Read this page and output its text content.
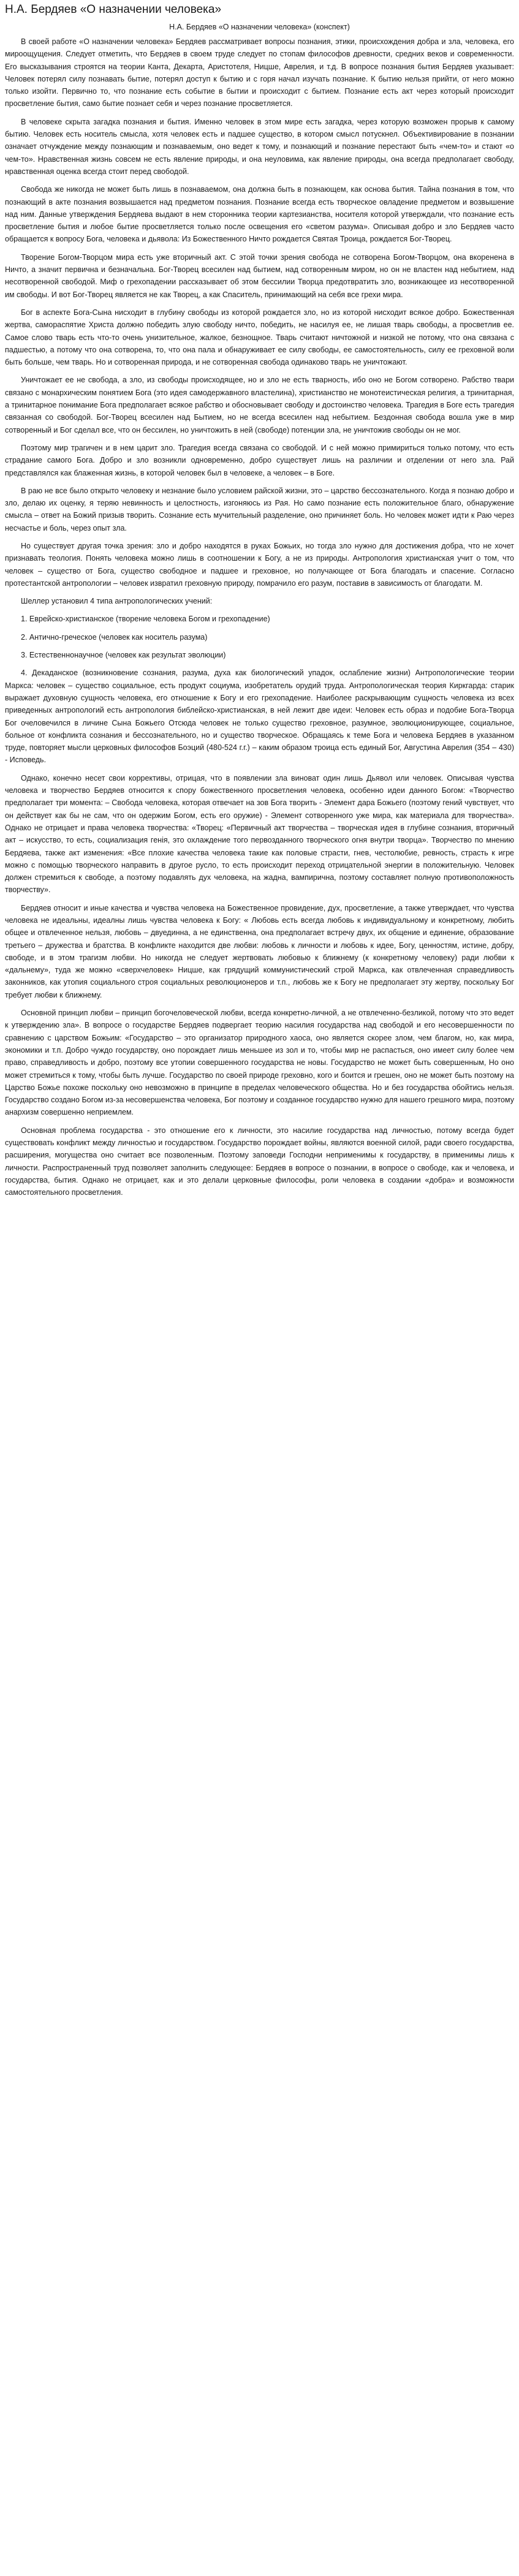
Н.А. Бердяев «О назначении человека»

Н.А. Бердяев «О назначении человека» (конспект)

В своей работе «О назначении человека» Бердяев рассматривает вопросы познания, этики, происхождения добра и зла, человека, его мироощущения. Следует отметить, что Бердяев в своем труде следует по стопам философов древности, средних веков и современности. Его высказывания строятся на теории Канта, Декарта, Аристотеля, Ницше, Аврелия, и т.д. В вопросе познания бытия Бердяев указывает: Человек потерял силу познавать бытие, потерял доступ к бытию и с горя начал изучать познание. К бытию нельзя прийти, от него можно только изойти. Первично то, что познание есть событие в бытии и происходит с бытием. Познание есть акт через который происходит просветление бытия, само бытие познает себя и через познание просветляется.

В человеке скрыта загадка познания и бытия. Именно человек в этом мире есть загадка, через которую возможен прорыв к самому бытию. Человек есть носитель смысла, хотя человек есть и падшее существо, в котором смысл потускнел. Объективирование в познании означает отчуждение между познающим и познаваемым, оно ведет к тому, и познающий и познание перестают быть «чем-то» и стают «о чем-то». Нравственная жизнь совсем не есть явление природы, и она неуловима, как явление природы, она всегда предполагает свободу, нравственная оценка всегда стоит перед свободой.

Свобода же никогда не может быть лишь в познаваемом, она должна быть в познающем, как основа бытия. Тайна познания в том, что познающий в акте познания возвышается над предметом познания. Познание всегда есть творческое овладение предметом и возвышение над ним. Данные утверждения Бердяева выдают в нем сторонника теории картезианства, носителя которой утверждали, что познание есть просветление бытия и любое бытие просветляется только после освещения его «светом разума». Описывая добро и зло Бердяев часто обращается к вопросу Бога, человека и дьявола: Из Божественного Ничто рождается Святая Троица, рождается Бог-Творец.

Творение Богом-Творцом мира есть уже вторичный акт. С этой точки зрения свобода не сотворена Богом-Творцом, она вкоренена в Ничто, а значит первична и безначальна. Бог-Творец всесилен над бытием, над сотворенным миром, но он не властен над небытием, над несотворенной свободой. Миф о грехопадении рассказывает об этом бессилии Творца предотвратить зло, возникающее из несотворенной им свободы. И вот Бог-Творец является не как Творец, а как Спаситель, принимающий на себя все грехи мира.

Бог в аспекте Бога-Сына нисходит в глубину свободы из которой рождается зло, но из которой нисходит всякое добро. Божественная жертва, самораспятие Христа должно победить злую свободу ничто, победить, не насилуя ее, не лишая тварь свободы, а просветлив ее. Самое слово тварь есть что-то очень унизительное, жалкое, безнощное. Тварь считают ничтожной и низкой не потому, что она связана с падшестью, а потому что она сотворена, то, что она пала и обнаруживает ее силу свободы, ее самостоятельность, силу ее греховной воли быть больше, чем тварь. Но и сотворенная природа, и не сотворенная свобода одинаково тварь не уничтожают.

Уничтожает ее не свобода, а зло, из свободы происходящее, но и зло не есть тварность, ибо оно не Богом сотворено. Рабство твари связано с монархическим понятием Бога (это идея самодержавного властелина), христианство не монотеистическая религия, а тринитарная, а тринитарное понимание Бога предполагает всякое рабство и обосновывает свободу и достоинство человека. Трагедия в Боге есть трагедия связанная со свободой. Бог-Творец всесилен над Бытием, но не всегда всесилен над небытием. Бездонная свобода вошла уже в мир сотворенный и Бог сделал все, что он бессилен, но уничтожить в ней (свободе) потенции зла, не уничтожив свободы он не мог.

Поэтому мир трагичен и в нем царит зло. Трагедия всегда связана со свободой. И с ней можно примириться только потому, что есть страдание самого Бога. Добро и зло возникли одновременно, добро существует лишь на различии и отделении от него зла. Рай представлялся как блаженная жизнь, в которой человек был в человеке, а человек – в Боге.

В раю не все было открыто человеку и незнание было условием райской жизни, это – царство бессознательного. Когда я познаю добро и зло, делаю их оценку, я теряю невинность и целостность, изгоняюсь из Рая. Но само познание есть положительное благо, обнаружение смысла – ответ на Божий призыв творить. Сознание есть мучительный разделение, оно причиняет боль. Но человек может идти к Раю через несчастье и боль, через опыт зла.

Но существует другая точка зрения: зло и добро находятся в руках Божьих, но тогда зло нужно для достижения добра, что не хочет признавать теология. Понять человека можно лишь в соотношении к Богу, а не из природы. Антропология христианская учит о том, что человек – существо от Бога, существо свободное и падшее и греховное, но получающее от Бога благодать и спасение. Согласно протестантской антропологии – человек извратил греховную природу, помрачило его разум, поставив в зависимость от благодати. М.

Шеллер установил 4 типа антропологических учений:

1. Еврейско-христианское (творение человека Богом и грехопадение)

2. Антично-греческое (человек как носитель разума)

3. Естественнонаучное (человек как результат эволюции)

4. Декаданское (возникновение сознания, разума, духа как биологический упадок, ослабление жизни) Антропологические теории Маркса: человек – существо социальное, есть продукт социума, изобретатель орудий труда. Антропологическая теория Киркгарда: старик выражает духовную сущность человека, его отношение к Богу и его грехопадение. Наиболее раскрывающим сущность человека из всех приведенных антропологий есть антропология библейско-христианская, в ней лежит две идеи: Человек есть образ и подобие Бога-Творца Бог очеловечился в личине Сына Божьего Отсюда человек не только существо греховное, разумное, эволюционирующее, социальное, больное от конфликта сознания и бессознательного, но и существо творческое. Обращаясь к теме Бога и человека Бердяев в указанном труде, повторяет мысли церковных философов Боэций (480-524 г.г.) – каким образом троица есть единый Бог, Августина Аврелия (354 – 430) - Исповедь.

Однако, конечно несет свои коррективы, отрицая, что в появлении зла виноват один лишь Дьявол или человек. Описывая чувства человека и творчество Бердяев относится к спору божественного просветления человека, особенно идеи данного Богом: «Творчество предполагает три момента: – Свобода человека, которая отвечает на зов Бога творить - Элемент дара Божьего (поэтому гений чувствует, что он действует как бы не сам, что он одержим Богом, есть его оружие) - Элемент сотворенного уже мира, как материала для творчества». Однако не отрицает и права человека творчества: «Творец: «Первичный акт творчества – творческая идея в глубине сознания, вторичный акт – искусство, то есть, социализация генія, это охлаждение того первозданного творческого огня внутри творца». Творчество по мнению Бердяева, также акт изменения: «Все плохие качества человека такие как половые страсти, гнев, честолюбие, ревность, страсть к игре можно с помощью творческого направить в другое русло, то есть происходит переход отрицательной энергии в положительную. Человек должен стремиться к свободе, а поэтому подавлять дух человека, на жадна, вампирична, поэтому составляет полную противоположность творчеству».

Бердяев относит и иные качества и чувства человека на Божественное провидение, дух, просветление, а также утверждает, что чувства человека не идеальны, идеалны лишь чувства человека к Богу: « Любовь есть всегда любовь к индивидуальному и конкретному, любить общее и отвлеченное нельзя, любовь – двуединна, а не единственна, она предполагает встречу двух, их общение и единение, образование третьего – дружества и братства. В конфликте находится две любви: любовь к личности и любовь к идее, Богу, ценностям, истине, добру, свободе, и в этом трагизм любви. Но никогда не следует жертвовать любовью к ближнему (к конкретному человеку) ради любви к «дальнему», туда же можно «сверхчеловек» Ницше, как грядущий коммунистический строй Маркса, как отвлеченная справедливость законников, как утопия социального строя социальных революционеров и т.п., любовь же к Богу не предполагает эту жертву, поскольку Бог требует любви к ближнему.

Основной принцип любви – принцип богочеловеческой любви, всегда конкретно-личной, а не отвлеченно-безликой, потому что это ведет к утверждению зла». В вопросе о государстве Бердяев подвергает теорию насилия государства над свободой и его несовершенности по сравнению с царством Божьим: «Государство – это организатор природного хаоса, оно является скорее злом, чем благом, но, как мира, экономики и т.п. Добро чуждо государству, оно порождает лишь меньшее из зол и то, чтобы мир не распасться, оно имеет силу более чем право, справедливость и добро, поэтому все утопии совершенного государства не новы. Государство не может быть совершенным, Но оно может стремиться к тому, чтобы быть лучше. Государство по своей природе греховно, кого и боится и грешен, оно не может быть поэтому на Царство Божье похоже поскольку оно невозможно в принципе в пределах человеческого общества. Но и без государства обойтись нельзя. Государство создано Богом из-за несовершенства человека, Бог поэтому и созданное государство нужно для нашего грешного мира, поэтому анархизм совершенно неприемлем.

Основная проблема государства - это отношение его к личности, это насилие государства над личностью, потому всегда будет существовать конфликт между личностью и государством. Государство порождает войны, являются военной силой, ради своего государства, расширения, могущества оно считает все позволенным. Поэтому заповеди Господни неприменимы к государству, в применимы лишь к личности. Распространенный труд позволяет заполнить следующее: Бердяев в вопросе о познании, в вопросе о свободе, как и человека, и государства, бытия. Однако не отрицает, как и это делали церковные философы, роли человека в создании «добра» и возможности самостоятельного просветления.
